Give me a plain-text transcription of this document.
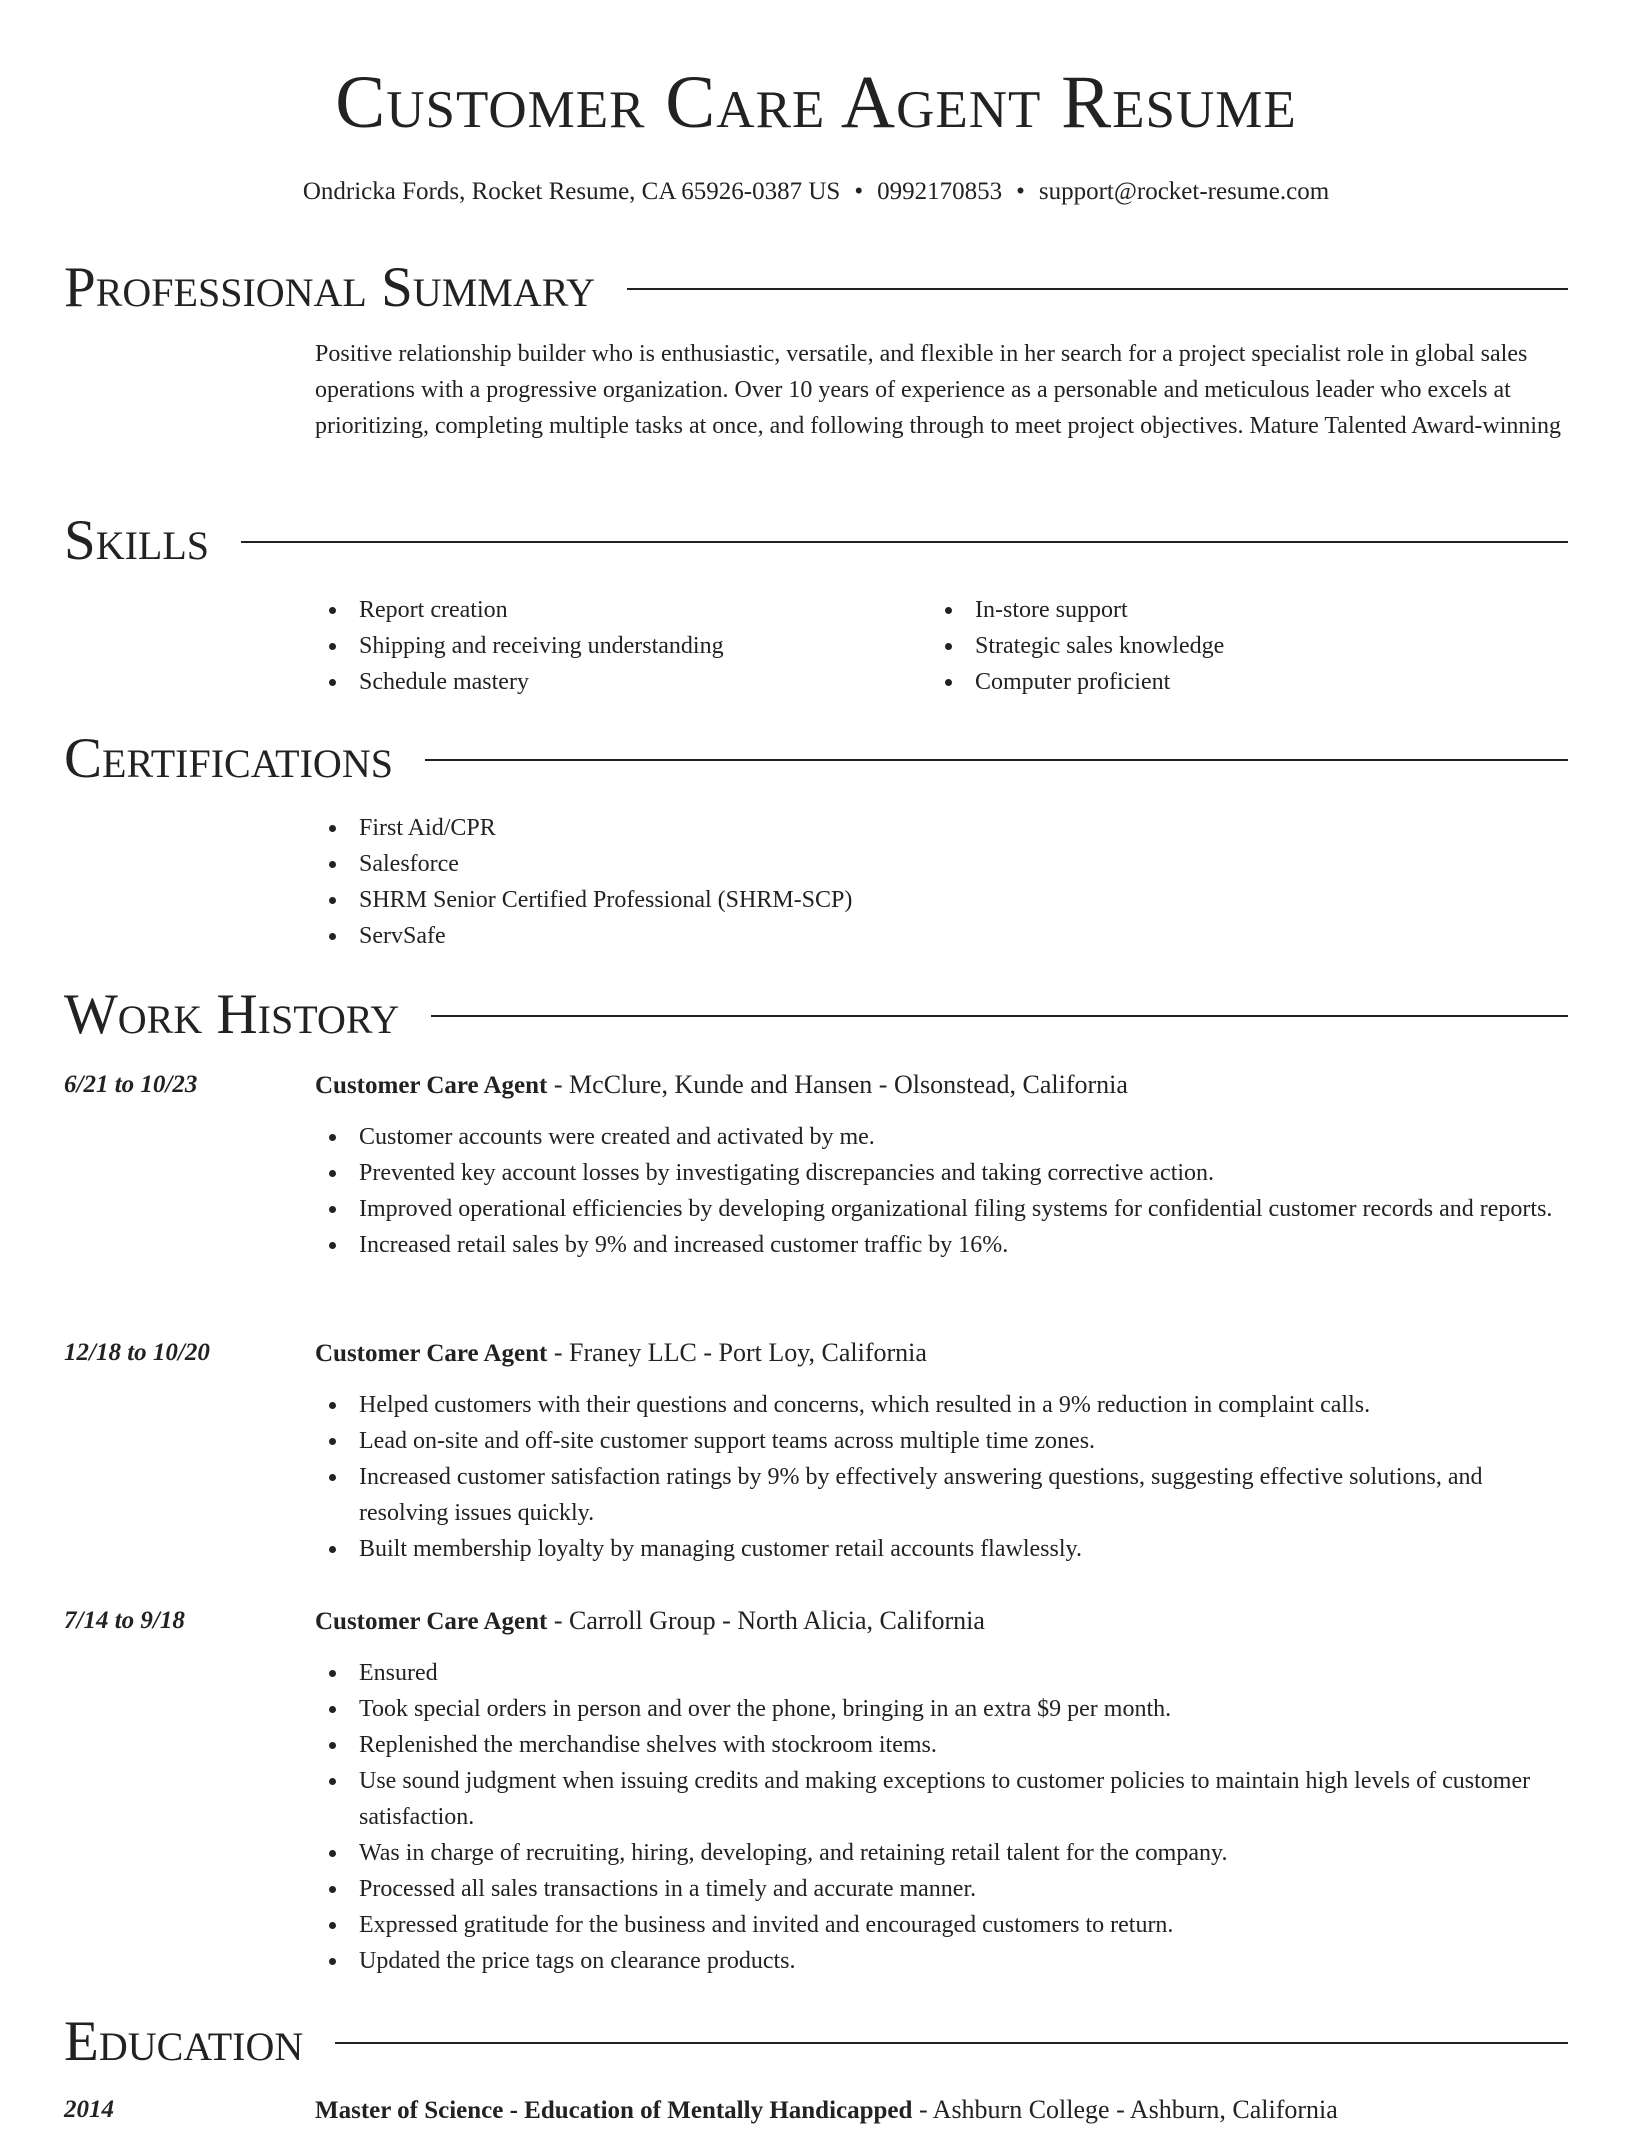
Customer Care Agent Resume
Ondricka Fords, Rocket Resume, CA 65926-0387 US • 0992170853 • support@rocket-resume.com
Professional Summary

Positive relationship builder who is enthusiastic, versatile, and flexible in her search for a project specialist role in global sales operations with a progressive organization. Over 10 years of experience as a personable and meticulous leader who excels at prioritizing, completing multiple tasks at once, and following through to meet project objectives. Mature Talented Award-winning

Skills
Report creation
Shipping and receiving understanding
Schedule mastery
In-store support
Strategic sales knowledge
Computer proficient
Certifications
First Aid/CPR
Salesforce
SHRM Senior Certified Professional (SHRM-SCP)
ServSafe
Work History
6/21 to 10/23	Customer Care Agent - McClure, Kunde and Hansen - Olsonstead, California
Customer accounts were created and activated by me.
Prevented key account losses by investigating discrepancies and taking corrective action.
Improved operational efficiencies by developing organizational filing systems for confidential customer records and reports.
Increased retail sales by 9% and increased customer traffic by 16%.
12/18 to 10/20	Customer Care Agent - Franey LLC - Port Loy, California
Helped customers with their questions and concerns, which resulted in a 9% reduction in complaint calls.
Lead on-site and off-site customer support teams across multiple time zones.
Increased customer satisfaction ratings by 9% by effectively answering questions, suggesting effective solutions, and resolving issues quickly.
Built membership loyalty by managing customer retail accounts flawlessly.
7/14 to 9/18	Customer Care Agent - Carroll Group - North Alicia, California
Ensured
Took special orders in person and over the phone, bringing in an extra $9 per month.
Replenished the merchandise shelves with stockroom items.
Use sound judgment when issuing credits and making exceptions to customer policies to maintain high levels of customer satisfaction.
Was in charge of recruiting, hiring, developing, and retaining retail talent for the company.
Processed all sales transactions in a timely and accurate manner.
Expressed gratitude for the business and invited and encouraged customers to return.
Updated the price tags on clearance products.
Education
2014	Master of Science - Education of Mentally Handicapped - Ashburn College - Ashburn, California
